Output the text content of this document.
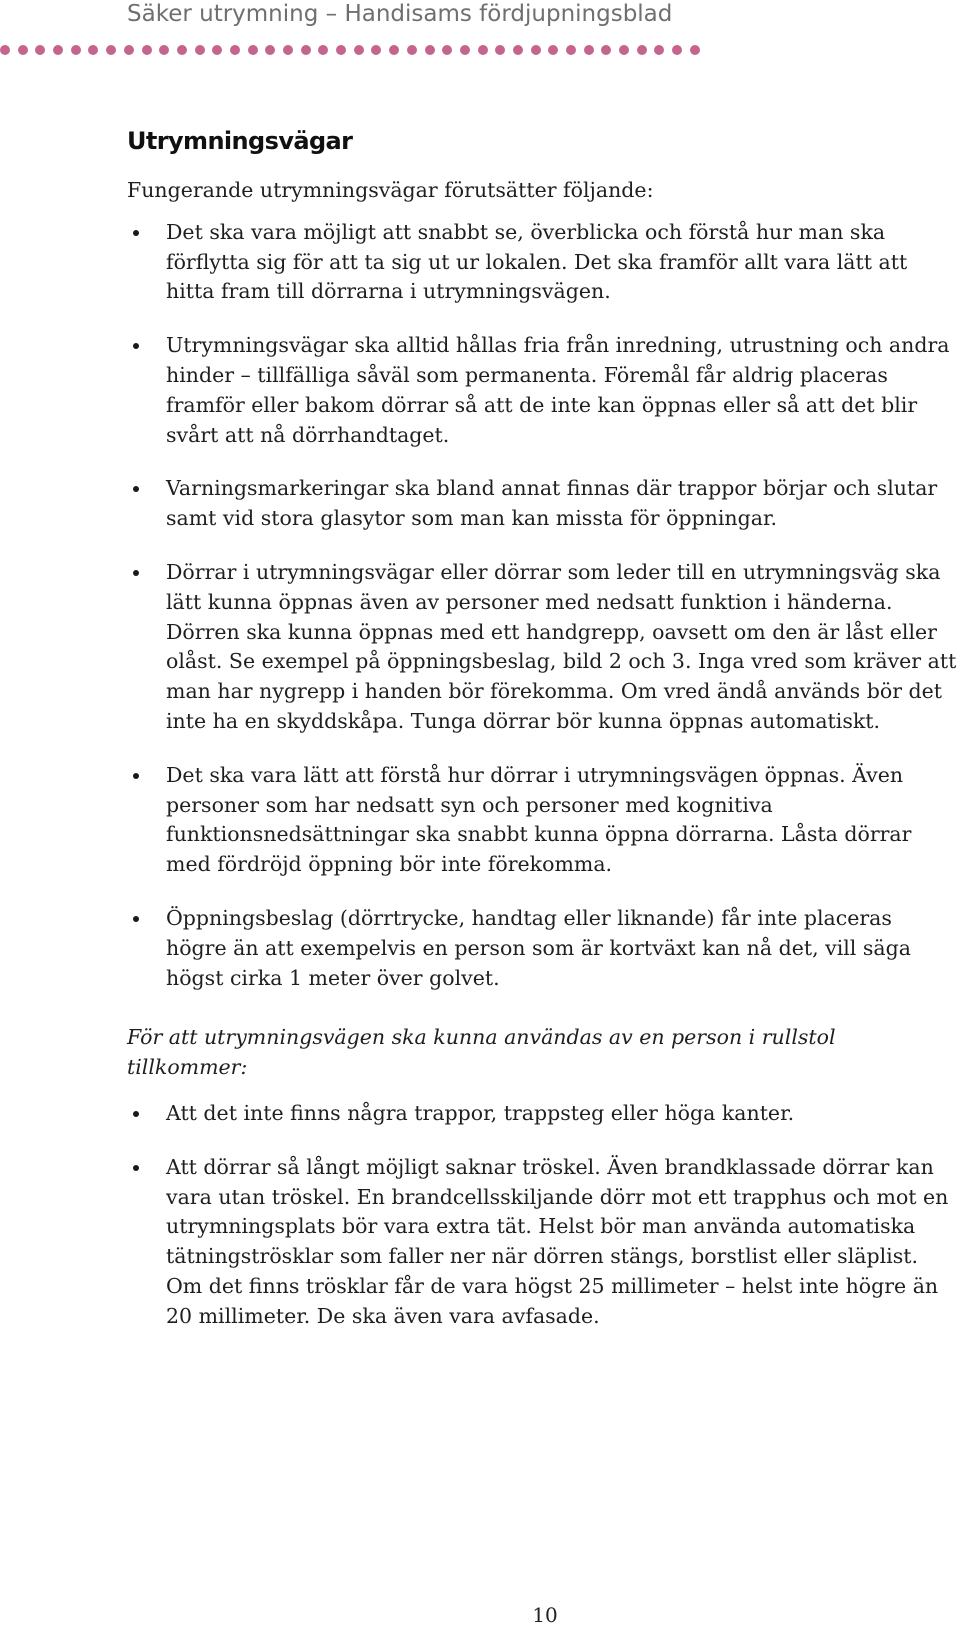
Säker utrymning – Handisams fördjupningsblad
Utrymningsvägar

Fungerande utrymningsvägar förutsätter följande:

Det ska vara möjligt att snabbt se, överblicka och förstå hur man ska förflytta sig för att ta sig ut ur lokalen. Det ska framför allt vara lätt att hitta fram till dörrarna i utrymningsvägen.
Utrymningsvägar ska alltid hållas fria från inredning, utrustning och andra hinder – tillfälliga såväl som permanenta. Föremål får aldrig placeras framför eller bakom dörrar så att de inte kan öppnas eller så att det blir svårt att nå dörrhandtaget.
Varningsmarkeringar ska bland annat finnas där trappor börjar och slutar samt vid stora glasytor som man kan missta för öppningar.
Dörrar i utrymningsvägar eller dörrar som leder till en utrymningsväg ska lätt kunna öppnas även av personer med nedsatt funktion i händerna. Dörren ska kunna öppnas med ett handgrepp, oavsett om den är låst eller olåst. Se exempel på öppningsbeslag, bild 2 och 3. Inga vred som kräver att man har nygrepp i handen bör förekomma. Om vred ändå används bör det inte ha en skyddskåpa. Tunga dörrar bör kunna öppnas automatiskt.
Det ska vara lätt att förstå hur dörrar i utrymningsvägen öppnas. Även personer som har nedsatt syn och personer med kognitiva funktionsnedsättningar ska snabbt kunna öppna dörrarna. Låsta dörrar med fördröjd öppning bör inte förekomma.
Öppningsbeslag (dörrtrycke, handtag eller liknande) får inte placeras högre än att exempelvis en person som är kortväxt kan nå det, vill säga högst cirka 1 meter över golvet.

För att utrymningsvägen ska kunna användas av en person i rullstol tillkommer:

Att det inte finns några trappor, trappsteg eller höga kanter.
Att dörrar så långt möjligt saknar tröskel. Även brandklassade dörrar kan vara utan tröskel. En brandcellsskiljande dörr mot ett trapphus och mot en utrymningsplats bör vara extra tät. Helst bör man använda automatiska tätningströsklar som faller ner när dörren stängs, borstlist eller släplist. Om det finns trösklar får de vara högst 25 millimeter – helst inte högre än 20 millimeter. De ska även vara avfasade.
10
